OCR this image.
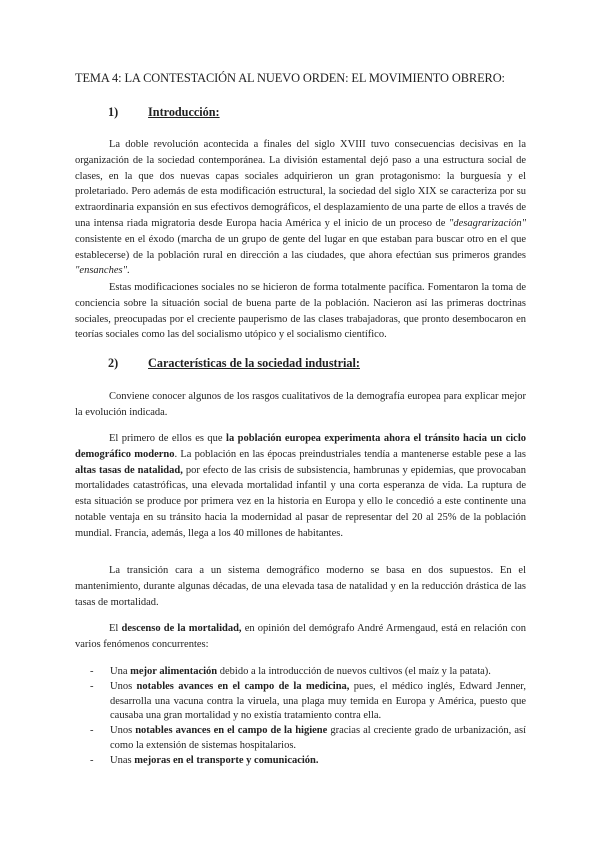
TEMA 4: LA CONTESTACIÓN AL NUEVO ORDEN: EL MOVIMIENTO OBRERO:
1) Introducción:
La doble revolución acontecida a finales del siglo XVIII tuvo consecuencias decisivas en la organización de la sociedad contemporánea. La división estamental dejó paso a una estructura social de clases, en la que dos nuevas capas sociales adquirieron un gran protagonismo: la burguesía y el proletariado. Pero además de esta modificación estructural, la sociedad del siglo XIX se caracteriza por su extraordinaria expansión en sus efectivos demográficos, el desplazamiento de una parte de ellos a través de una intensa riada migratoria desde Europa hacia América y el inicio de un proceso de "desagrarización" consistente en el éxodo (marcha de un grupo de gente del lugar en que estaban para buscar otro en el que establecerse) de la población rural en dirección a las ciudades, que ahora efectúan sus primeros grandes "ensanches".
Estas modificaciones sociales no se hicieron de forma totalmente pacífica. Fomentaron la toma de conciencia sobre la situación social de buena parte de la población. Nacieron así las primeras doctrinas sociales, preocupadas por el creciente pauperismo de las clases trabajadoras, que pronto desembocaron en teorías sociales como las del socialismo utópico y el socialismo científico.
2) Características de la sociedad industrial:
Conviene conocer algunos de los rasgos cualitativos de la demografía europea para explicar mejor la evolución indicada.
El primero de ellos es que la población europea experimenta ahora el tránsito hacia un ciclo demográfico moderno. La población en las épocas preindustriales tendía a mantenerse estable pese a las altas tasas de natalidad, por efecto de las crisis de subsistencia, hambrunas y epidemias, que provocaban mortalidades catastróficas, una elevada mortalidad infantil y una corta esperanza de vida. La ruptura de esta situación se produce por primera vez en la historia en Europa y ello le concedió a este continente una notable ventaja en su tránsito hacia la modernidad al pasar de representar del 20 al 25% de la población mundial. Francia, además, llega a los 40 millones de habitantes.
La transición cara a un sistema demográfico moderno se basa en dos supuestos. En el mantenimiento, durante algunas décadas, de una elevada tasa de natalidad y en la reducción drástica de las tasas de mortalidad.
El descenso de la mortalidad, en opinión del demógrafo André Armengaud, está en relación con varios fenómenos concurrentes:
- Una mejor alimentación debido a la introducción de nuevos cultivos (el maíz y la patata).
- Unos notables avances en el campo de la medicina, pues, el médico inglés, Edward Jenner, desarrolla una vacuna contra la viruela, una plaga muy temida en Europa y América, puesto que causaba una gran mortalidad y no existía tratamiento contra ella.
- Unos notables avances en el campo de la higiene gracias al creciente grado de urbanización, así como la extensión de sistemas hospitalarios.
- Unas mejoras en el transporte y comunicación.
